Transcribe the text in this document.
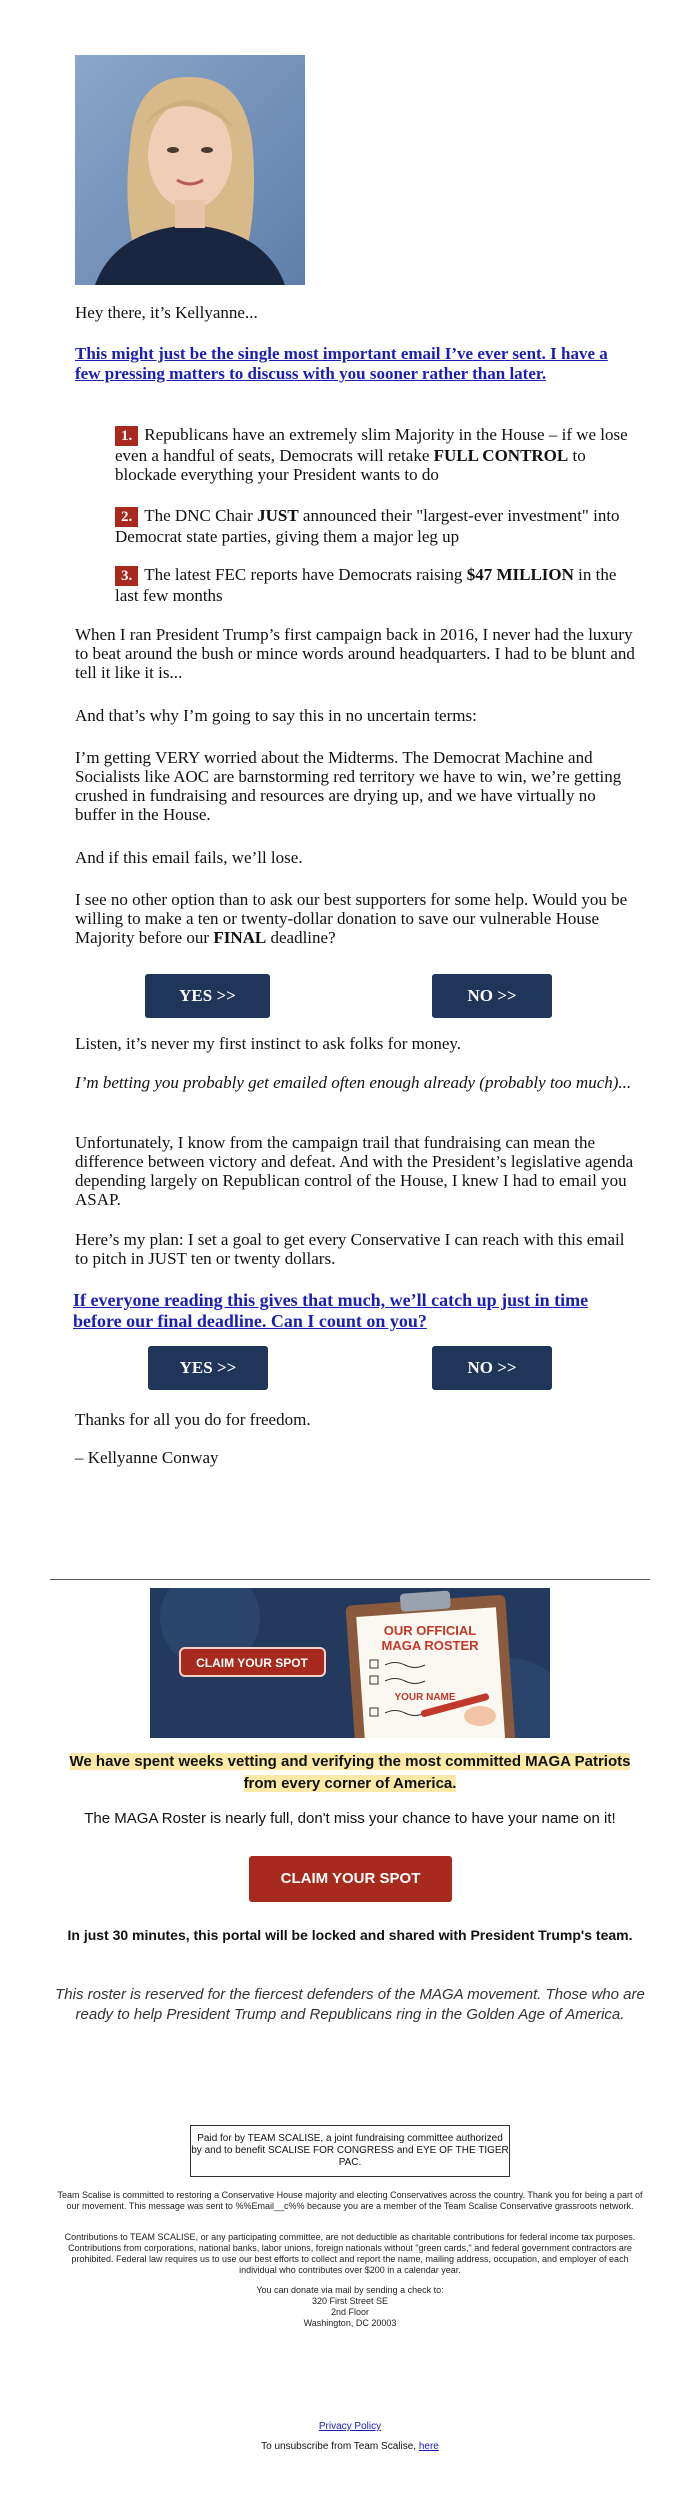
Hey there, it’s Kellyanne...
This might just be the single most important email I’ve ever sent. I have a few pressing matters to discuss with you sooner rather than later.
1. Republicans have an extremely slim Majority in the House – if we lose even a handful of seats, Democrats will retake FULL CONTROL to blockade everything your President wants to do
2. The DNC Chair JUST announced their "largest-ever investment" into Democrat state parties, giving them a major leg up
3. The latest FEC reports have Democrats raising $47 MILLION in the last few months
When I ran President Trump’s first campaign back in 2016, I never had the luxury to beat around the bush or mince words around headquarters. I had to be blunt and tell it like it is...
And that’s why I’m going to say this in no uncertain terms:
I’m getting VERY worried about the Midterms. The Democrat Machine and Socialists like AOC are barnstorming red territory we have to win, we’re getting crushed in fundraising and resources are drying up, and we have virtually no buffer in the House.
And if this email fails, we’ll lose.
I see no other option than to ask our best supporters for some help. Would you be willing to make a ten or twenty-dollar donation to save our vulnerable House Majority before our FINAL deadline?
YES >>	NO >>
Listen, it’s never my first instinct to ask folks for money.
I’m betting you probably get emailed often enough already (probably too much)...
Unfortunately, I know from the campaign trail that fundraising can mean the difference between victory and defeat. And with the President’s legislative agenda depending largely on Republican control of the House, I knew I had to email you ASAP.
Here’s my plan: I set a goal to get every Conservative I can reach with this email to pitch in JUST ten or twenty dollars.
If everyone reading this gives that much, we’ll catch up just in time before our final deadline. Can I count on you?
YES >>	NO >>
Thanks for all you do for freedom.
– Kellyanne Conway
OUR OFFICIAL
MAGA ROSTER
YOUR NAME
CLAIM YOUR SPOT
We have spent weeks vetting and verifying the most committed MAGA Patriots from every corner of America.
The MAGA Roster is nearly full, don't miss your chance to have your name on it!
CLAIM YOUR SPOT
In just 30 minutes, this portal will be locked and shared with President Trump's team.
This roster is reserved for the fiercest defenders of the MAGA movement. Those who are ready to help President Trump and Republicans ring in the Golden Age of America.
Paid for by TEAM SCALISE, a joint fundraising committee authorized by and to benefit SCALISE FOR CONGRESS and EYE OF THE TIGER PAC.
Team Scalise is committed to restoring a Conservative House majority and electing Conservatives across the country. Thank you for being a part of our movement. This message was sent to %%Email__c%% because you are a member of the Team Scalise Conservative grassroots network.
Contributions to TEAM SCALISE, or any participating committee, are not deductible as charitable contributions for federal income tax purposes. Contributions from corporations, national banks, labor unions, foreign nationals without "green cards," and federal government contractors are prohibited. Federal law requires us to use our best efforts to collect and report the name, mailing address, occupation, and employer of each individual who contributes over $200 in a calendar year.
You can donate via mail by sending a check to:
320 First Street SE
2nd Floor
Washington, DC 20003
Privacy Policy
To unsubscribe from Team Scalise, here
